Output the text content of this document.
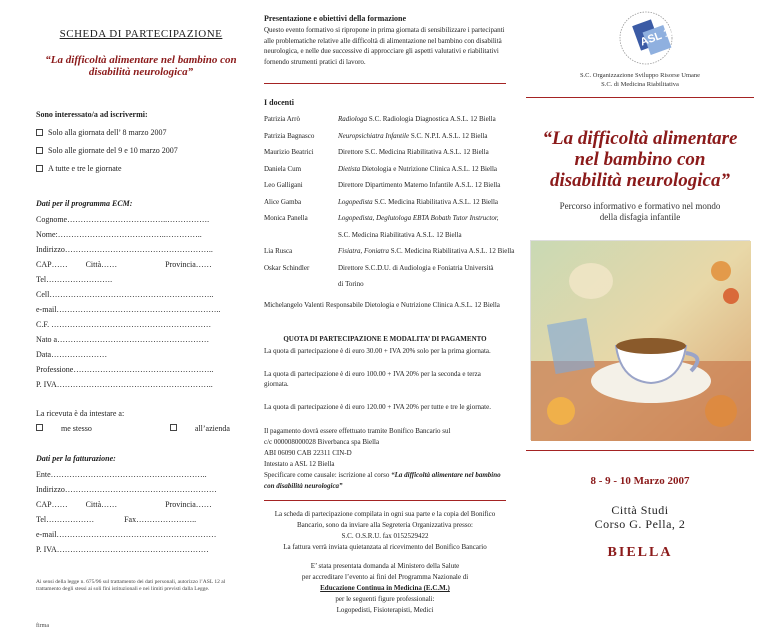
SCHEDA DI PARTECIPAZIONE
“La difficoltà alimentare nel bambino con disabilità neurologica”
Sono interessato/a ad iscrivermi:
Solo alla giornata dell’ 8 marzo 2007
Solo alle giornate del 9 e 10 marzo 2007
A tutte e tre le giornate
Dati per il programma ECM:
Cognome………………………………..…………….
Nome:…………………………………..…………..
Indirizzo………………………………………………..
CAP…… Città……	Provincia……
Tel…………………….
Cell……………………………………………………..
e-mail……………………………………………………..
C.F. ……………………………………………………
Nato a…………………………………………………
Data…………………
Professione……………………………………………..
P. IVA…………………………………………………..
La ricevuta è da intestare a:
me stesso	all’azienda
Dati per la fatturazione:
Ente…………………………………………………..
Indirizzo…………………………………………………
CAP…… Città……	Provincia……
Tel………………	Fax…………………..
e-mail……………………………………………………
P. IVA…………………………………………………
Ai sensi della legge n. 675/96 sul trattamento dei dati personali, autorizzo l’ASL 12 al trattamento degli stessi ai soli fini istituzionali e nei limiti previsti dalla Legge.
firma
Presentazione e obiettivi della formazione
Questo evento formativo si ripropone in prima giornata di sensibilizzare i partecipanti alle problematiche relative alle difficoltà di alimentazione nel bambino con disabilità neurologica, e nelle due successive di approcciare gli aspetti valutativi e riabilitativi fornendo strumenti pratici di lavoro.
I docenti
Patrizia Arrò	Radiologa S.C. Radiologia Diagnostica A.S.L. 12 Biella
Patrizia Bagnasco	Neuropsichiatra Infantile S.C. N.P.I. A.S.L. 12 Biella
Maurizio Beatrici	Direttore S.C. Medicina Riabilitativa A.S.L. 12 Biella
Daniela Cum	Dietista Dietologia e Nutrizione Clinica A.S.L. 12 Biella
Leo Galligani	Direttore Dipartimento Materno Infantile A.S.L. 12 Biella
Alice Gamba	Logopedista S.C. Medicina Riabilitativa A.S.L. 12 Biella
Monica Panella	Logopedista, Deglutologa EBTA Bobath Tutor Instructor,
S.C. Medicina Riabilitativa A.S.L. 12 Biella
Lia Rusca	Fisiatra, Foniatra S.C. Medicina Riabilitativa A.S.L. 12 Biella
Oskar Schindler	Direttore S.C.D.U. di Audiologia e Foniatria Università
di Torino
Michelangelo Valenti Responsabile Dietologia e Nutrizione Clinica A.S.L. 12 Biella
QUOTA DI PARTECIPAZIONE E MODALITA’ DI PAGAMENTO
La quota di partecipazione è di euro 30.00 + IVA 20% solo per la prima giornata.
La quota di partecipazione è di euro 100.00 + IVA 20% per la seconda e terza giornata.
La quota di partecipazione è di euro 120.00 + IVA 20% per tutte e tre le giornate.
Il pagamento dovrà essere effettuato tramite Bonifico Bancario sul
c/c 000008000028 Biverbanca spa Biella
ABI 06090 CAB 22311 CIN-D
Intestato a ASL 12 Biella
Specificare come causale: iscrizione al corso “La difficoltà alimentare nel bambino con disabilità neurologica”
La scheda di partecipazione compilata in ogni sua parte e la copia del Bonifico
Bancario, sono da inviare alla Segreteria Organizzativa presso:
S.C. O.S.R.U. fax 0152529422
La fattura verrà inviata quietanzata al ricevimento del Bonifico Bancario
E’ stata presentata domanda al Ministero della Salute
per accreditare l’evento ai fini del Programma Nazionale di
Educazione Continua in Medicina (E.C.M.)
per le seguenti figure professionali:
Logopedisti, Fisioterapisti, Medici
ASL 12
S.C. Organizzazione Sviluppo Risorse Umane
S.C. di Medicina Riabilitativa
“La difficoltà alimentare
nel bambino con
disabilità neurologica”
Percorso informativo e formativo nel mondo
della disfagia infantile
8 - 9 - 10 Marzo 2007
Città Studi
Corso G. Pella, 2
BIELLA
